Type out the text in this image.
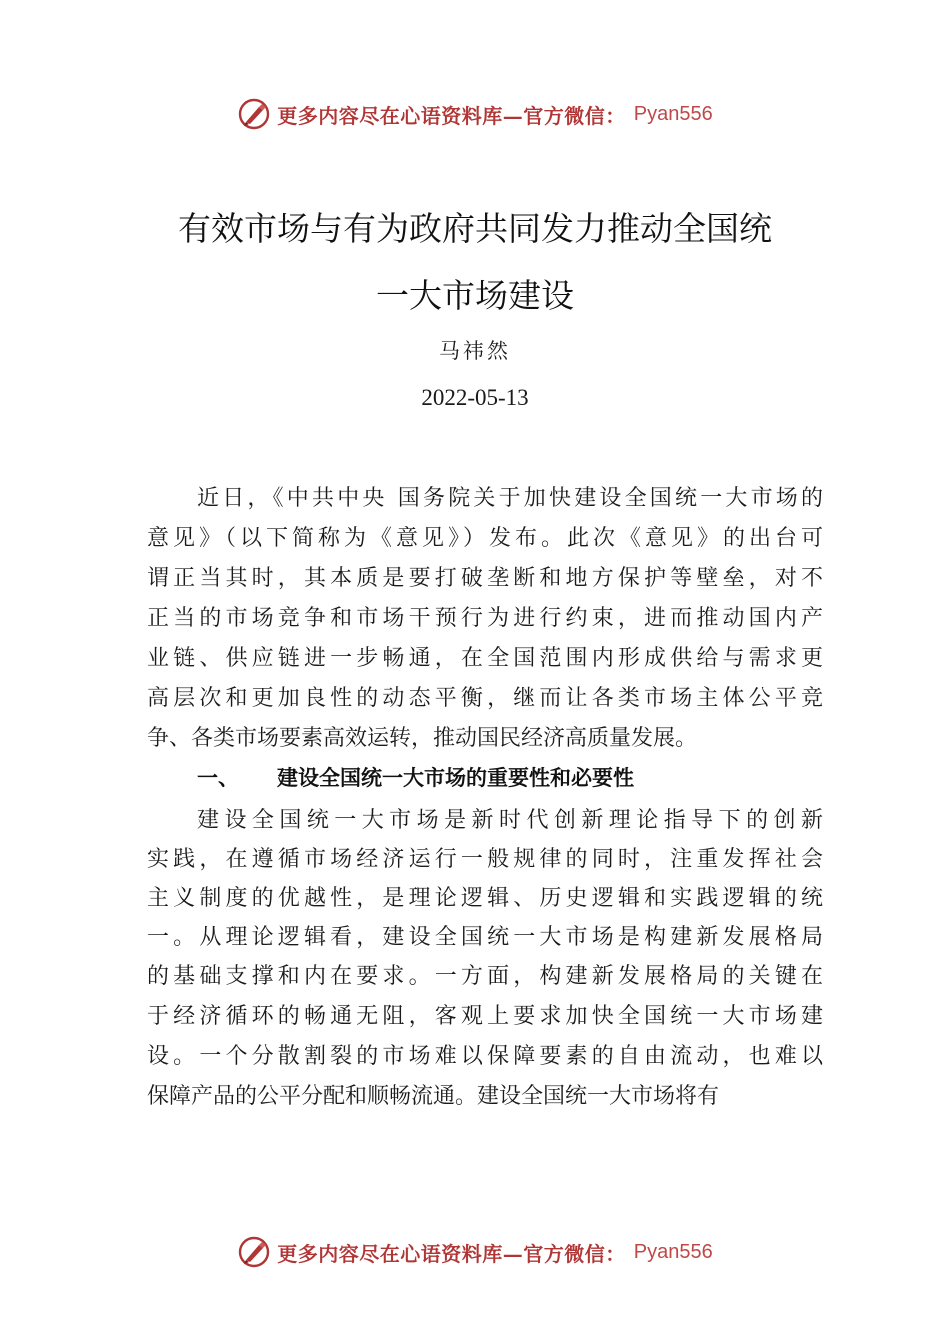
更多内容尽在心语资料库—官方微信： Pyan556
有效市场与有为政府共同发力推动全国统
一大市场建设
马祎然
2022-05-13
近日，《中共中央 国务院关于加快建设全国统一大市场的
意见》（以下简称为《意见》）发布。此次《意见》的出台可
谓正当其时，其本质是要打破垄断和地方保护等壁垒，对不
正当的市场竞争和市场干预行为进行约束，进而推动国内产
业链、供应链进一步畅通，在全国范围内形成供给与需求更
高层次和更加良性的动态平衡，继而让各类市场主体公平竞
争、各类市场要素高效运转，推动国民经济高质量发展。
一、 建设全国统一大市场的重要性和必要性
建设全国统一大市场是新时代创新理论指导下的创新
实践，在遵循市场经济运行一般规律的同时，注重发挥社会
主义制度的优越性，是理论逻辑、历史逻辑和实践逻辑的统
一。从理论逻辑看，建设全国统一大市场是构建新发展格局
的基础支撑和内在要求。一方面，构建新发展格局的关键在
于经济循环的畅通无阻，客观上要求加快全国统一大市场建
设。一个分散割裂的市场难以保障要素的自由流动，也难以
保障产品的公平分配和顺畅流通。建设全国统一大市场将有
更多内容尽在心语资料库—官方微信： Pyan556
